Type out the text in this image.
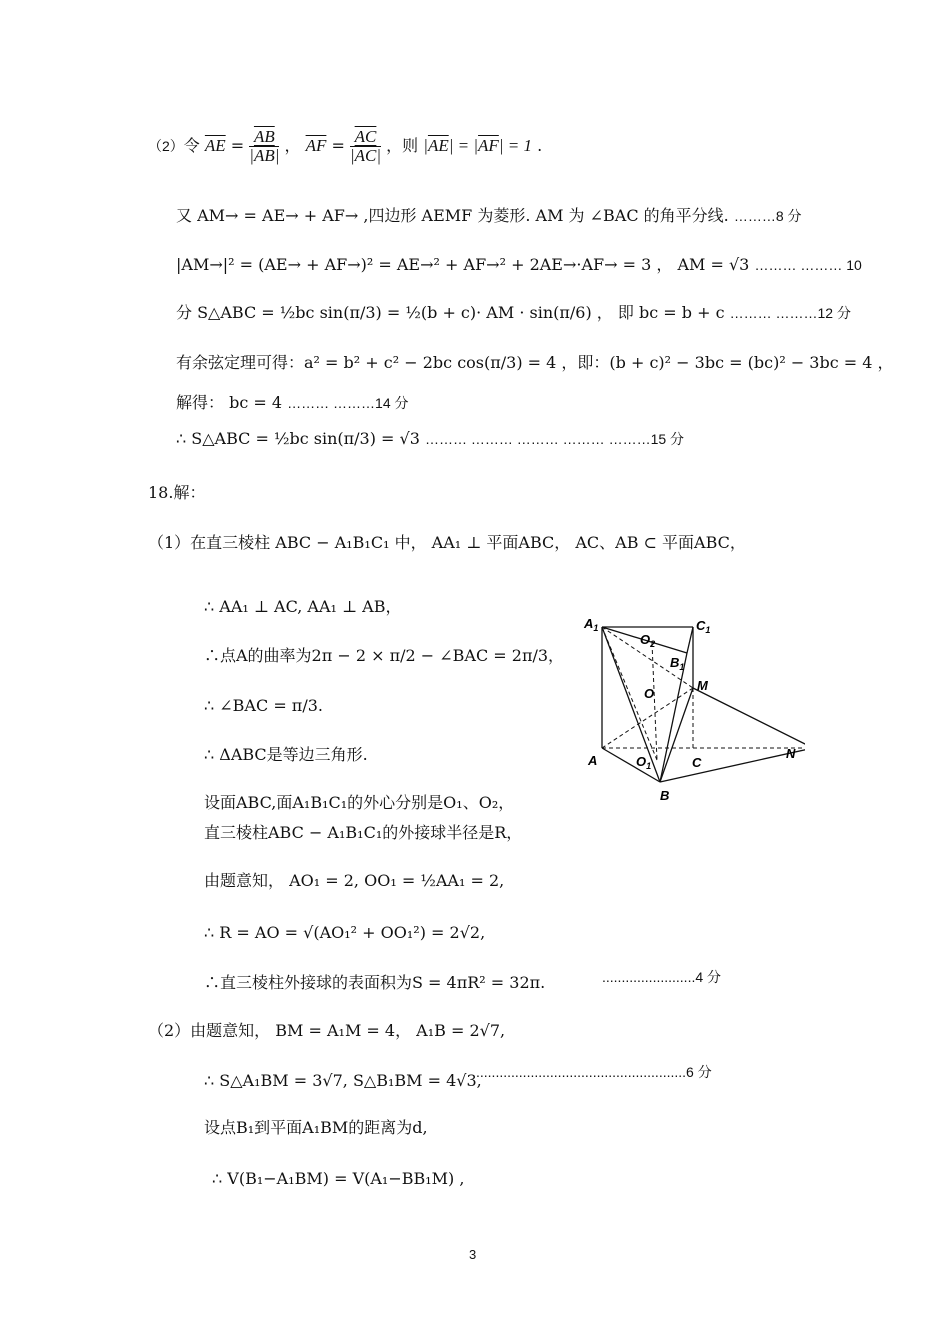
（2）令 $\overline{AE} = \frac{\overline{AB}}{|\overline{AB}|}$ ， $\overline{AF} = \frac{\overline{AC}}{|\overline{AC}|}$ ，则 $|\overline{AE}| = |\overline{AF}| = 1$ .
又 AM→ = AE→ + AF→ ,四边形 AEMF 为菱形. AM 为 ∠BAC 的角平分线. ………8 分
|AM→|² = (AE→ + AF→)² = AE→² + AF→² + 2AE→·AF→ = 3 ， AM = √3 ……… ……… 10
分 S△ABC = ½bc sin(π/3) = ½(b + c)· AM · sin(π/6) ， 即 bc = b + c ……… ………12 分
有余弦定理可得：a² = b² + c² − 2bc cos(π/3) = 4 ，即：(b + c)² − 3bc = (bc)² − 3bc = 4 ，
解得： bc = 4 ……… ………14 分
∴ S△ABC = ½bc sin(π/3) = √3 ……… ……… ……… ……… ………15 分
18.解：
（1）在直三棱柱 ABC − A₁B₁C₁ 中， AA₁ ⊥ 平面ABC， AC、AB ⊂ 平面ABC，
∴ AA₁ ⊥ AC, AA₁ ⊥ AB，
∴点A的曲率为2π − 2 × π/2 − ∠BAC = 2π/3，
∴ ∠BAC = π/3.
∴ ΔABC是等边三角形.
设面ABC,面A₁B₁C₁的外心分别是O₁、O₂，
直三棱柱ABC − A₁B₁C₁的外接球半径是R，
由题意知， AO₁ = 2, OO₁ = ½AA₁ = 2,
∴ R = AO = √(AO₁² + OO₁²) = 2√2,
∴直三棱柱外接球的表面积为S = 4πR² = 32π.	........................4 分
（2）由题意知， BM = A₁M = 4， A₁B = 2√7,
∴ S△A₁BM = 3√7, S△B₁BM = 4√3,
......................................................6 分
设点B₁到平面A₁BM的距离为d,
∴ V(B₁−A₁BM) = V(A₁−BB₁M) ,
$A_1$	$C_1$
$O_2$
$B_1$
M
O
A	$O_1$	C
N
B
3
